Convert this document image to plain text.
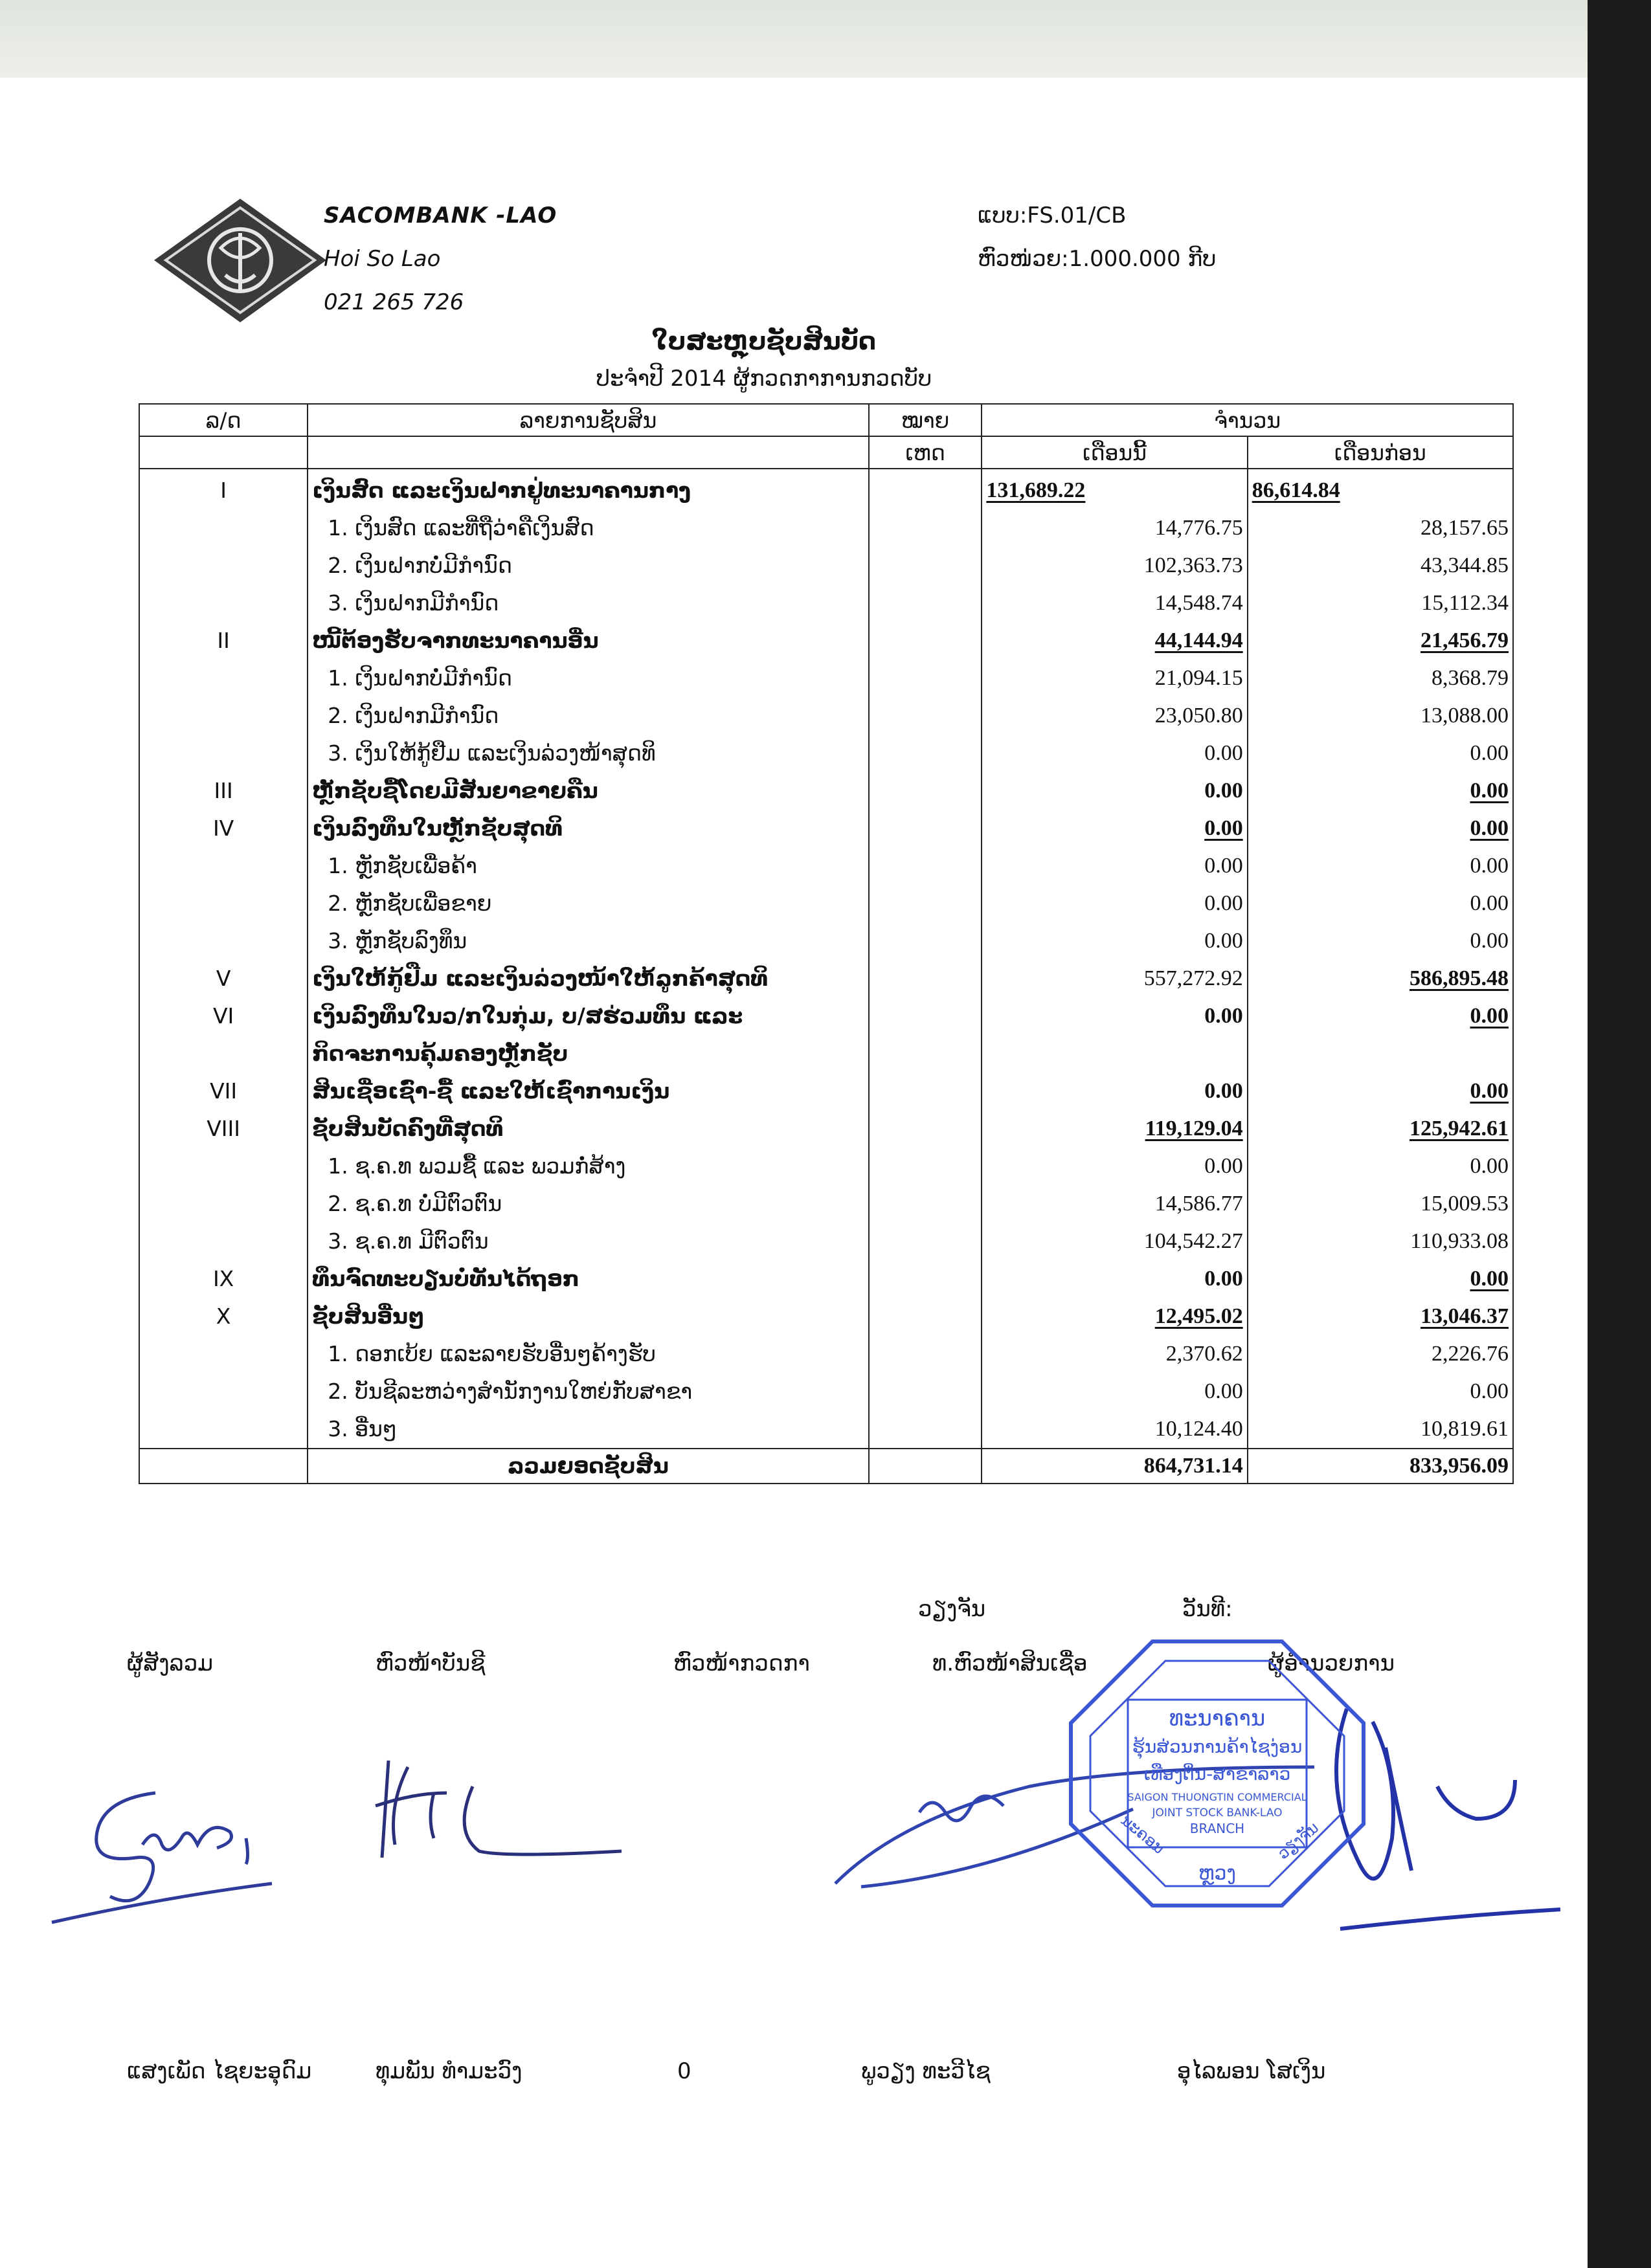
SACOMBANK -LAO
Hoi So Lao
021 265 726
ແບບ:FS.01/CB
ຫົວໜ່ວຍ:1.000.000 ກີບ
ໃບສະຫຼຸບຊັບສິນບັດ
ປະຈໍາປີ 2014 ຜູ້ກວດກາການກວດບັບ
ລ/ດ	ລາຍການຊັບສິນ	ໝາຍ	ຈໍານວນ	
		ເຫດ	ເດືອນນີ້	ເດືອນກ່ອນ
I	ເງິນສົດ ແລະເງິນຝາກຢູ່ທະນາຄານກາງ		131,689.22	86,614.84
	1. ເງິນສົດ ແລະທີ່ຖືວ່າຄືເງິນສົດ		14,776.75	28,157.65
	2. ເງິນຝາກບໍ່ມີກໍານົດ		102,363.73	43,344.85
	3. ເງິນຝາກມີກໍານົດ		14,548.74	15,112.34
II	ໜີ້ຕ້ອງຮັບຈາກທະນາຄານອື່ນ		44,144.94	21,456.79
	1. ເງິນຝາກບໍ່ມີກໍານົດ		21,094.15	8,368.79
	2. ເງິນຝາກມີກໍານົດ		23,050.80	13,088.00
	3. ເງິນໃຫ້ກູ້ຢືມ ແລະເງິນລ່ວງໜ້າສຸດທິ		0.00	0.00
III	ຫຼັກຊັບຊື້ໂດຍມີສັນຍາຂາຍຄືນ		0.00	0.00
IV	ເງິນລົງທຶນໃນຫຼັກຊັບສຸດທິ		0.00	0.00
	1. ຫຼັກຊັບເພື່ອຄ້າ		0.00	0.00
	2. ຫຼັກຊັບເພື່ອຂາຍ		0.00	0.00
	3. ຫຼັກຊັບລົງທຶນ		0.00	0.00
V	ເງິນໃຫ້ກູ້ຢືມ ແລະເງິນລ່ວງໜ້າໃຫ້ລູກຄ້າສຸດທິ		557,272.92	586,895.48
VI	ເງິນລົງທຶນໃນວ/ກໃນກຸ່ມ, ບ/ສຮ່ວມທຶນ ແລະ		0.00	0.00
	ກິດຈະການຄຸ້ມຄອງຫຼັກຊັບ			
VII	ສິນເຊື່ອເຊົ່າ-ຊື້ ແລະໃຫ້ເຊົ່າການເງິນ		0.00	0.00
VIII	ຊັບສິນບັດຄົງທີ່ສຸດທິ		119,129.04	125,942.61
	1. ຊ.ຄ.ທ ພວມຊື້ ແລະ ພວມກໍ່ສ້າງ		0.00	0.00
	2. ຊ.ຄ.ທ ບໍ່ມີຕົວຕົນ		14,586.77	15,009.53
	3. ຊ.ຄ.ທ ມີຕົວຕົນ		104,542.27	110,933.08
IX	ທຶນຈົດທະບຽນບໍ່ທັນໄດ້ຖອກ		0.00	0.00
X	ຊັບສິນອື່ນໆ		12,495.02	13,046.37
	1. ດອກເບ້ຍ ແລະລາຍຮັບອື່ນໆຄ້າງຮັບ		2,370.62	2,226.76
	2. ບັນຊີລະຫວ່າງສໍານັກງານໃຫຍ່ກັບສາຂາ		0.00	0.00
	3. ອື່ນໆ		10,124.40	10,819.61
	ລວມຍອດຊັບສິນ		864,731.14	833,956.09
ວຽງຈັນ	ວັນທີ:
ຜູ້ສັງລວມ	ຫົວໜ້າບັນຊີ	ຫົວໜ້າກວດກາ	ທ.ຫົວໜ້າສິນເຊື່ອ	ຜູ້ອໍານວຍການ
ທະນາຄານ
ຮຸ້ນສ່ວນການຄ້າໄຊງ່ອນ
ເທືອງຕິ່ນ-ສາຂາລາວ
SAIGON THUONGTIN COMMERCIAL
JOINT STOCK BANK-LAO
BRANCH
ນະຄອນ
ຫຼວງ
ວຽງຈັນ
ແສງເພັດ ໄຊຍະອຸດົມ	ທຸມພັນ ທໍາມະວົງ	0	ພູວຽງ ທະວີໄຊ	ອຸໄລພອນ ໂສເງິນ
